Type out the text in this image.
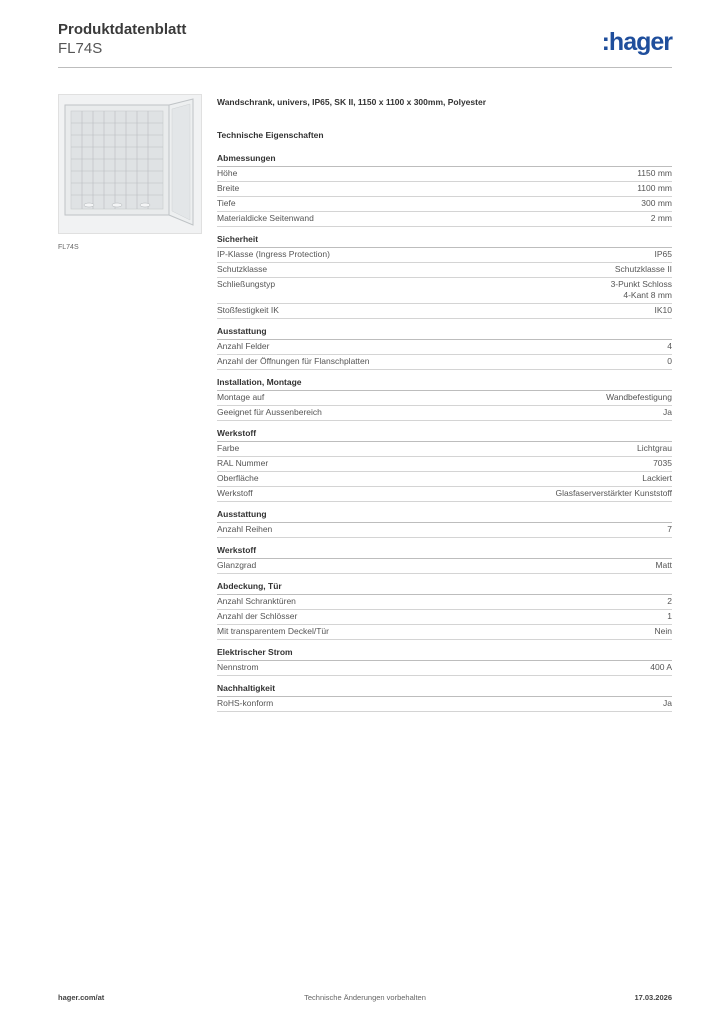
Produktdatenblatt
FL74S	:hager
FL74S
Wandschrank, univers, IP65, SK II, 1150 x 1100 x 300mm, Polyester
Technische Eigenschaften
Abmessungen
Höhe	1150 mm
Breite	1100 mm
Tiefe	300 mm
Materialdicke Seitenwand	2 mm
Sicherheit
IP-Klasse (Ingress Protection)	IP65
Schutzklasse	Schutzklasse II
Schließungstyp	3-Punkt Schloss
4-Kant 8 mm
Stoßfestigkeit IK	IK10
Ausstattung
Anzahl Felder	4
Anzahl der Öffnungen für Flanschplatten	0
Installation, Montage
Montage auf	Wandbefestigung
Geeignet für Aussenbereich	Ja
Werkstoff
Farbe	Lichtgrau
RAL Nummer	7035
Oberfläche	Lackiert
Werkstoff	Glasfaserverstärkter Kunststoff
Ausstattung
Anzahl Reihen	7
Werkstoff
Glanzgrad	Matt
Abdeckung, Tür
Anzahl Schranktüren	2
Anzahl der Schlösser	1
Mit transparentem Deckel/Tür	Nein
Elektrischer Strom
Nennstrom	400 A
Nachhaltigkeit
RoHS-konform	Ja
hager.com/at	Technische Änderungen vorbehalten	17.03.2026
